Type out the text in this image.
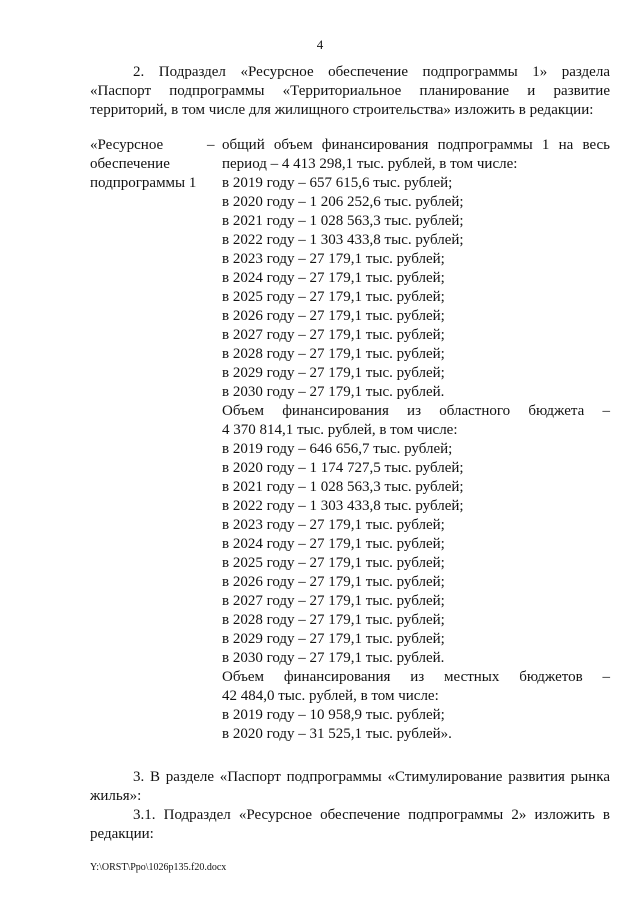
4
2. Подраздел «Ресурсное обеспечение подпрограммы 1» раздела «Паспорт подпрограммы «Территориальное планирование и развитие территорий, в том числе для жилищного строительства» изложить в редакции:
«Ресурсное
обеспечение
подпрограммы 1
– общий объем финансирования подпрограммы 1 на весь
период – 4 413 298,1 тыс. рублей, в том числе:
в 2019 году – 657 615,6 тыс. рублей;
в 2020 году – 1 206 252,6 тыс. рублей;
в 2021 году – 1 028 563,3 тыс. рублей;
в 2022 году – 1 303 433,8 тыс. рублей;
в 2023 году – 27 179,1 тыс. рублей;
в 2024 году – 27 179,1 тыс. рублей;
в 2025 году – 27 179,1 тыс. рублей;
в 2026 году – 27 179,1 тыс. рублей;
в 2027 году – 27 179,1 тыс. рублей;
в 2028 году – 27 179,1 тыс. рублей;
в 2029 году – 27 179,1 тыс. рублей;
в 2030 году – 27 179,1 тыс. рублей.
Объем финансирования из областного бюджета –
4 370 814,1 тыс. рублей, в том числе:
в 2019 году – 646 656,7 тыс. рублей;
в 2020 году – 1 174 727,5 тыс. рублей;
в 2021 году – 1 028 563,3 тыс. рублей;
в 2022 году – 1 303 433,8 тыс. рублей;
в 2023 году – 27 179,1 тыс. рублей;
в 2024 году – 27 179,1 тыс. рублей;
в 2025 году – 27 179,1 тыс. рублей;
в 2026 году – 27 179,1 тыс. рублей;
в 2027 году – 27 179,1 тыс. рублей;
в 2028 году – 27 179,1 тыс. рублей;
в 2029 году – 27 179,1 тыс. рублей;
в 2030 году – 27 179,1 тыс. рублей.
Объем финансирования из местных бюджетов –
42 484,0 тыс. рублей, в том числе:
в 2019 году – 10 958,9 тыс. рублей;
в 2020 году – 31 525,1 тыс. рублей».
3. В разделе «Паспорт подпрограммы «Стимулирование развития рынка жилья»:
3.1. Подраздел «Ресурсное обеспечение подпрограммы 2» изложить в редакции:
Y:\ORST\Ppo\1026p135.f20.docx
